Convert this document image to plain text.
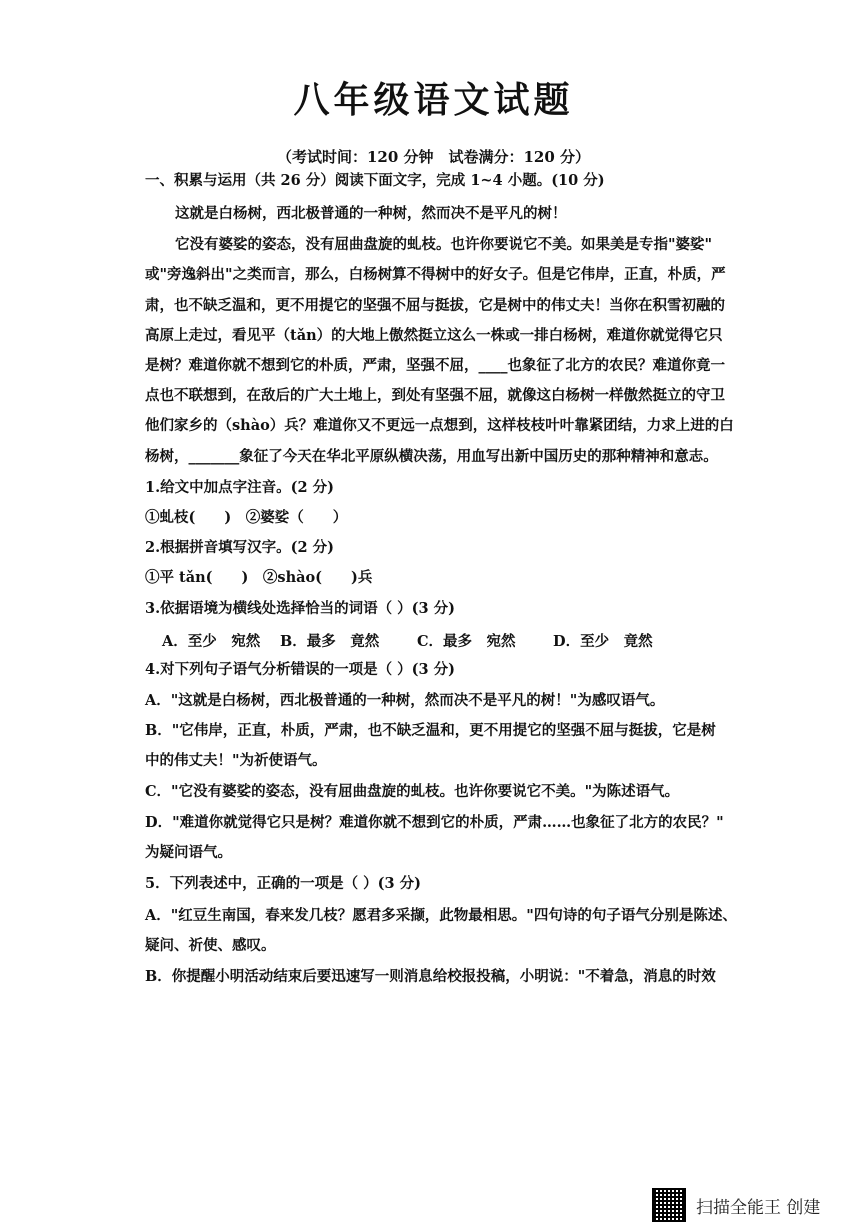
八年级语文试题
（考试时间：120 分钟　试卷满分：120 分）
一、积累与运用（共 26 分）阅读下面文字，完成 1~4 小题。(10 分)
这就是白杨树，西北极普通的一种树，然而决不是平凡的树！
它没有婆娑的姿态，没有屈曲盘旋的虬枝。也许你要说它不美。如果美是专指"婆娑"
或"旁逸斜出"之类而言，那么，白杨树算不得树中的好女子。但是它伟岸，正直，朴质，严
肃，也不缺乏温和，更不用提它的坚强不屈与挺拔，它是树中的伟丈夫！当你在积雪初融的
高原上走过，看见平（tǎn）的大地上傲然挺立这么一株或一排白杨树，难道你就觉得它只
是树？难道你就不想到它的朴质，严肃，坚强不屈，____也象征了北方的农民？难道你竟一
点也不联想到，在敌后的广大土地上，到处有坚强不屈，就像这白杨树一样傲然挺立的守卫
他们家乡的（shào）兵？难道你又不更远一点想到，这样枝枝叶叶靠紧团结，力求上进的白
杨树，_______象征了今天在华北平原纵横决荡，用血写出新中国历史的那种精神和意志。
1.给文中加点字注音。(2 分)
①虬枝(　　)　②婆娑（　　）
2.根据拼音填写汉字。(2 分)
①平 tǎn(　　)　②shào(　　)兵
3.依据语境为横线处选择恰当的词语（ ）(3 分)
A．至少　宛然 B．最多　竟然	C．最多　宛然	D．至少　竟然
4.对下列句子语气分析错误的一项是（ ）(3 分)
A．"这就是白杨树，西北极普通的一种树，然而决不是平凡的树！"为感叹语气。
B．"它伟岸，正直，朴质，严肃，也不缺乏温和，更不用提它的坚强不屈与挺拔，它是树
中的伟丈夫！"为祈使语气。
C．"它没有婆娑的姿态，没有屈曲盘旋的虬枝。也许你要说它不美。"为陈述语气。
D．"难道你就觉得它只是树？难道你就不想到它的朴质，严肃……也象征了北方的农民？"
为疑问语气。
5．下列表述中，正确的一项是（ ）(3 分)
A．"红豆生南国，春来发几枝？愿君多采撷，此物最相思。"四句诗的句子语气分别是陈述、
疑问、祈使、感叹。
B．你提醒小明活动结束后要迅速写一则消息给校报投稿，小明说："不着急，消息的时效
扫描全能王 创建
